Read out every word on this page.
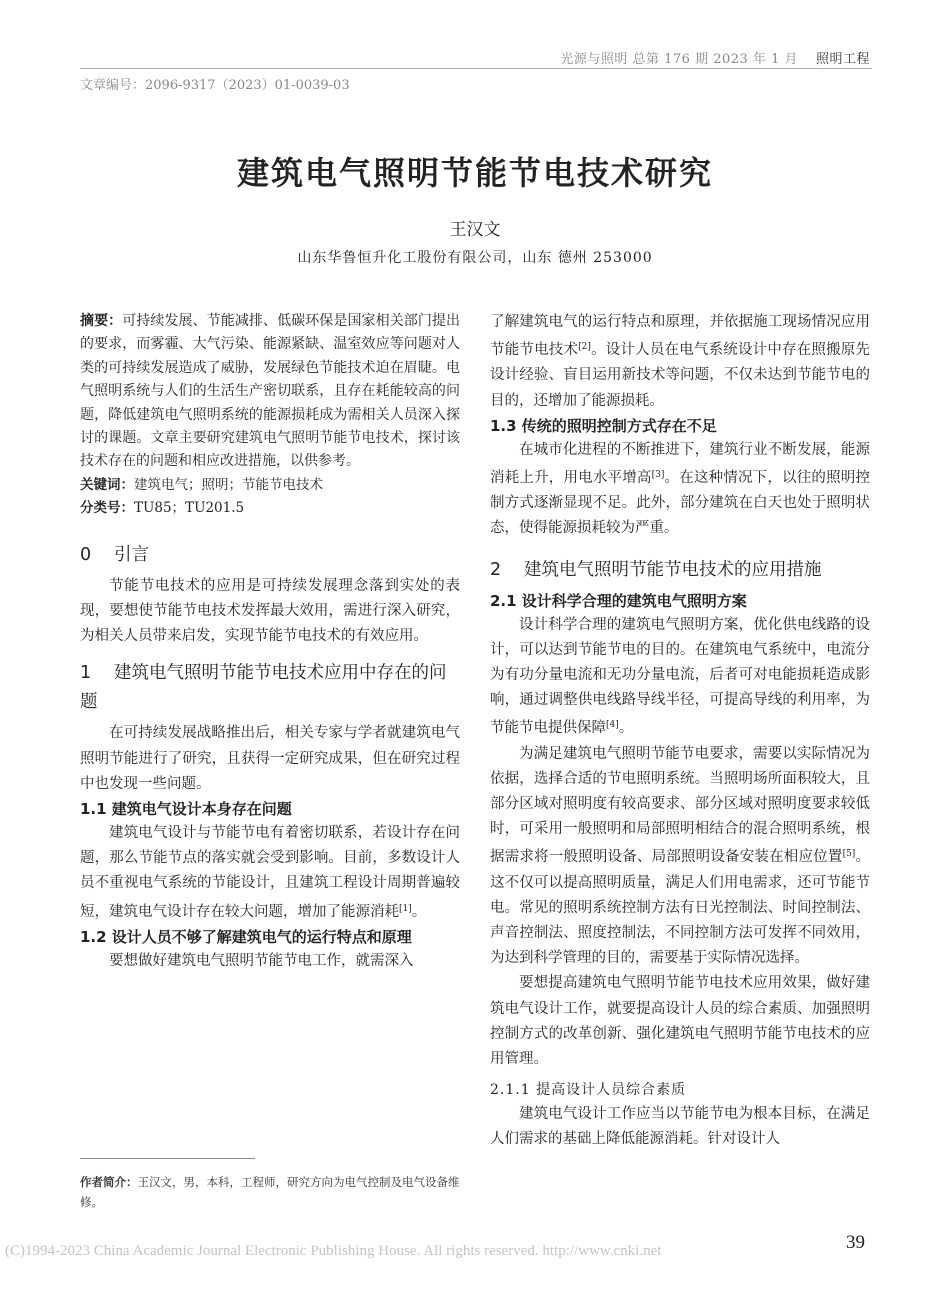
光源与照明 总第 176 期 2023 年 1 月 照明工程
文章编号：2096-9317（2023）01-0039-03
建筑电气照明节能节电技术研究
王汉文
山东华鲁恒升化工股份有限公司，山东 德州 253000

摘要：可持续发展、节能减排、低碳环保是国家相关部门提出的要求，而雾霾、大气污染、能源紧缺、温室效应等问题对人类的可持续发展造成了威胁，发展绿色节能技术迫在眉睫。电气照明系统与人们的生活生产密切联系，且存在耗能较高的问题，降低建筑电气照明系统的能源损耗成为需相关人员深入探讨的课题。文章主要研究建筑电气照明节能节电技术，探讨该技术存在的问题和相应改进措施，以供参考。

关键词：建筑电气；照明；节能节电技术

分类号：TU85；TU201.5

0 引言

节能节电技术的应用是可持续发展理念落到实处的表现，要想使节能节电技术发挥最大效用，需进行深入研究，为相关人员带来启发，实现节能节电技术的有效应用。

1 建筑电气照明节能节电技术应用中存在的问题

在可持续发展战略推出后，相关专家与学者就建筑电气照明节能进行了研究，且获得一定研究成果，但在研究过程中也发现一些问题。

1.1 建筑电气设计本身存在问题

建筑电气设计与节能节电有着密切联系，若设计存在问题，那么节能节点的落实就会受到影响。目前，多数设计人员不重视电气系统的节能设计，且建筑工程设计周期普遍较短，建筑电气设计存在较大问题，增加了能源消耗[1]。

1.2 设计人员不够了解建筑电气的运行特点和原理

要想做好建筑电气照明节能节电工作，就需深入

了解建筑电气的运行特点和原理，并依据施工现场情况应用节能节电技术[2]。设计人员在电气系统设计中存在照搬原先设计经验、盲目运用新技术等问题，不仅未达到节能节电的目的，还增加了能源损耗。

1.3 传统的照明控制方式存在不足

在城市化进程的不断推进下，建筑行业不断发展，能源消耗上升，用电水平增高[3]。在这种情况下，以往的照明控制方式逐渐显现不足。此外，部分建筑在白天也处于照明状态，使得能源损耗较为严重。

2 建筑电气照明节能节电技术的应用措施

2.1 设计科学合理的建筑电气照明方案

设计科学合理的建筑电气照明方案，优化供电线路的设计，可以达到节能节电的目的。在建筑电气系统中，电流分为有功分量电流和无功分量电流，后者可对电能损耗造成影响，通过调整供电线路导线半径，可提高导线的利用率，为节能节电提供保障[4]。

为满足建筑电气照明节能节电要求，需要以实际情况为依据，选择合适的节电照明系统。当照明场所面积较大，且部分区域对照明度有较高要求、部分区域对照明度要求较低时，可采用一般照明和局部照明相结合的混合照明系统，根据需求将一般照明设备、局部照明设备安装在相应位置[5]。这不仅可以提高照明质量，满足人们用电需求，还可节能节电。常见的照明系统控制方法有日光控制法、时间控制法、声音控制法、照度控制法，不同控制方法可发挥不同效用，为达到科学管理的目的，需要基于实际情况选择。

要想提高建筑电气照明节能节电技术应用效果，做好建筑电气设计工作，就要提高设计人员的综合素质、加强照明控制方式的改革创新、强化建筑电气照明节能节电技术的应用管理。

2.1.1 提高设计人员综合素质

建筑电气设计工作应当以节能节电为根本目标，在满足人们需求的基础上降低能源消耗。针对设计人

作者简介：王汉文，男，本科，工程师，研究方向为电气控制及电气设备维修。
(C)1994-2023 China Academic Journal Electronic Publishing House. All rights reserved. http://www.cnki.net	39
